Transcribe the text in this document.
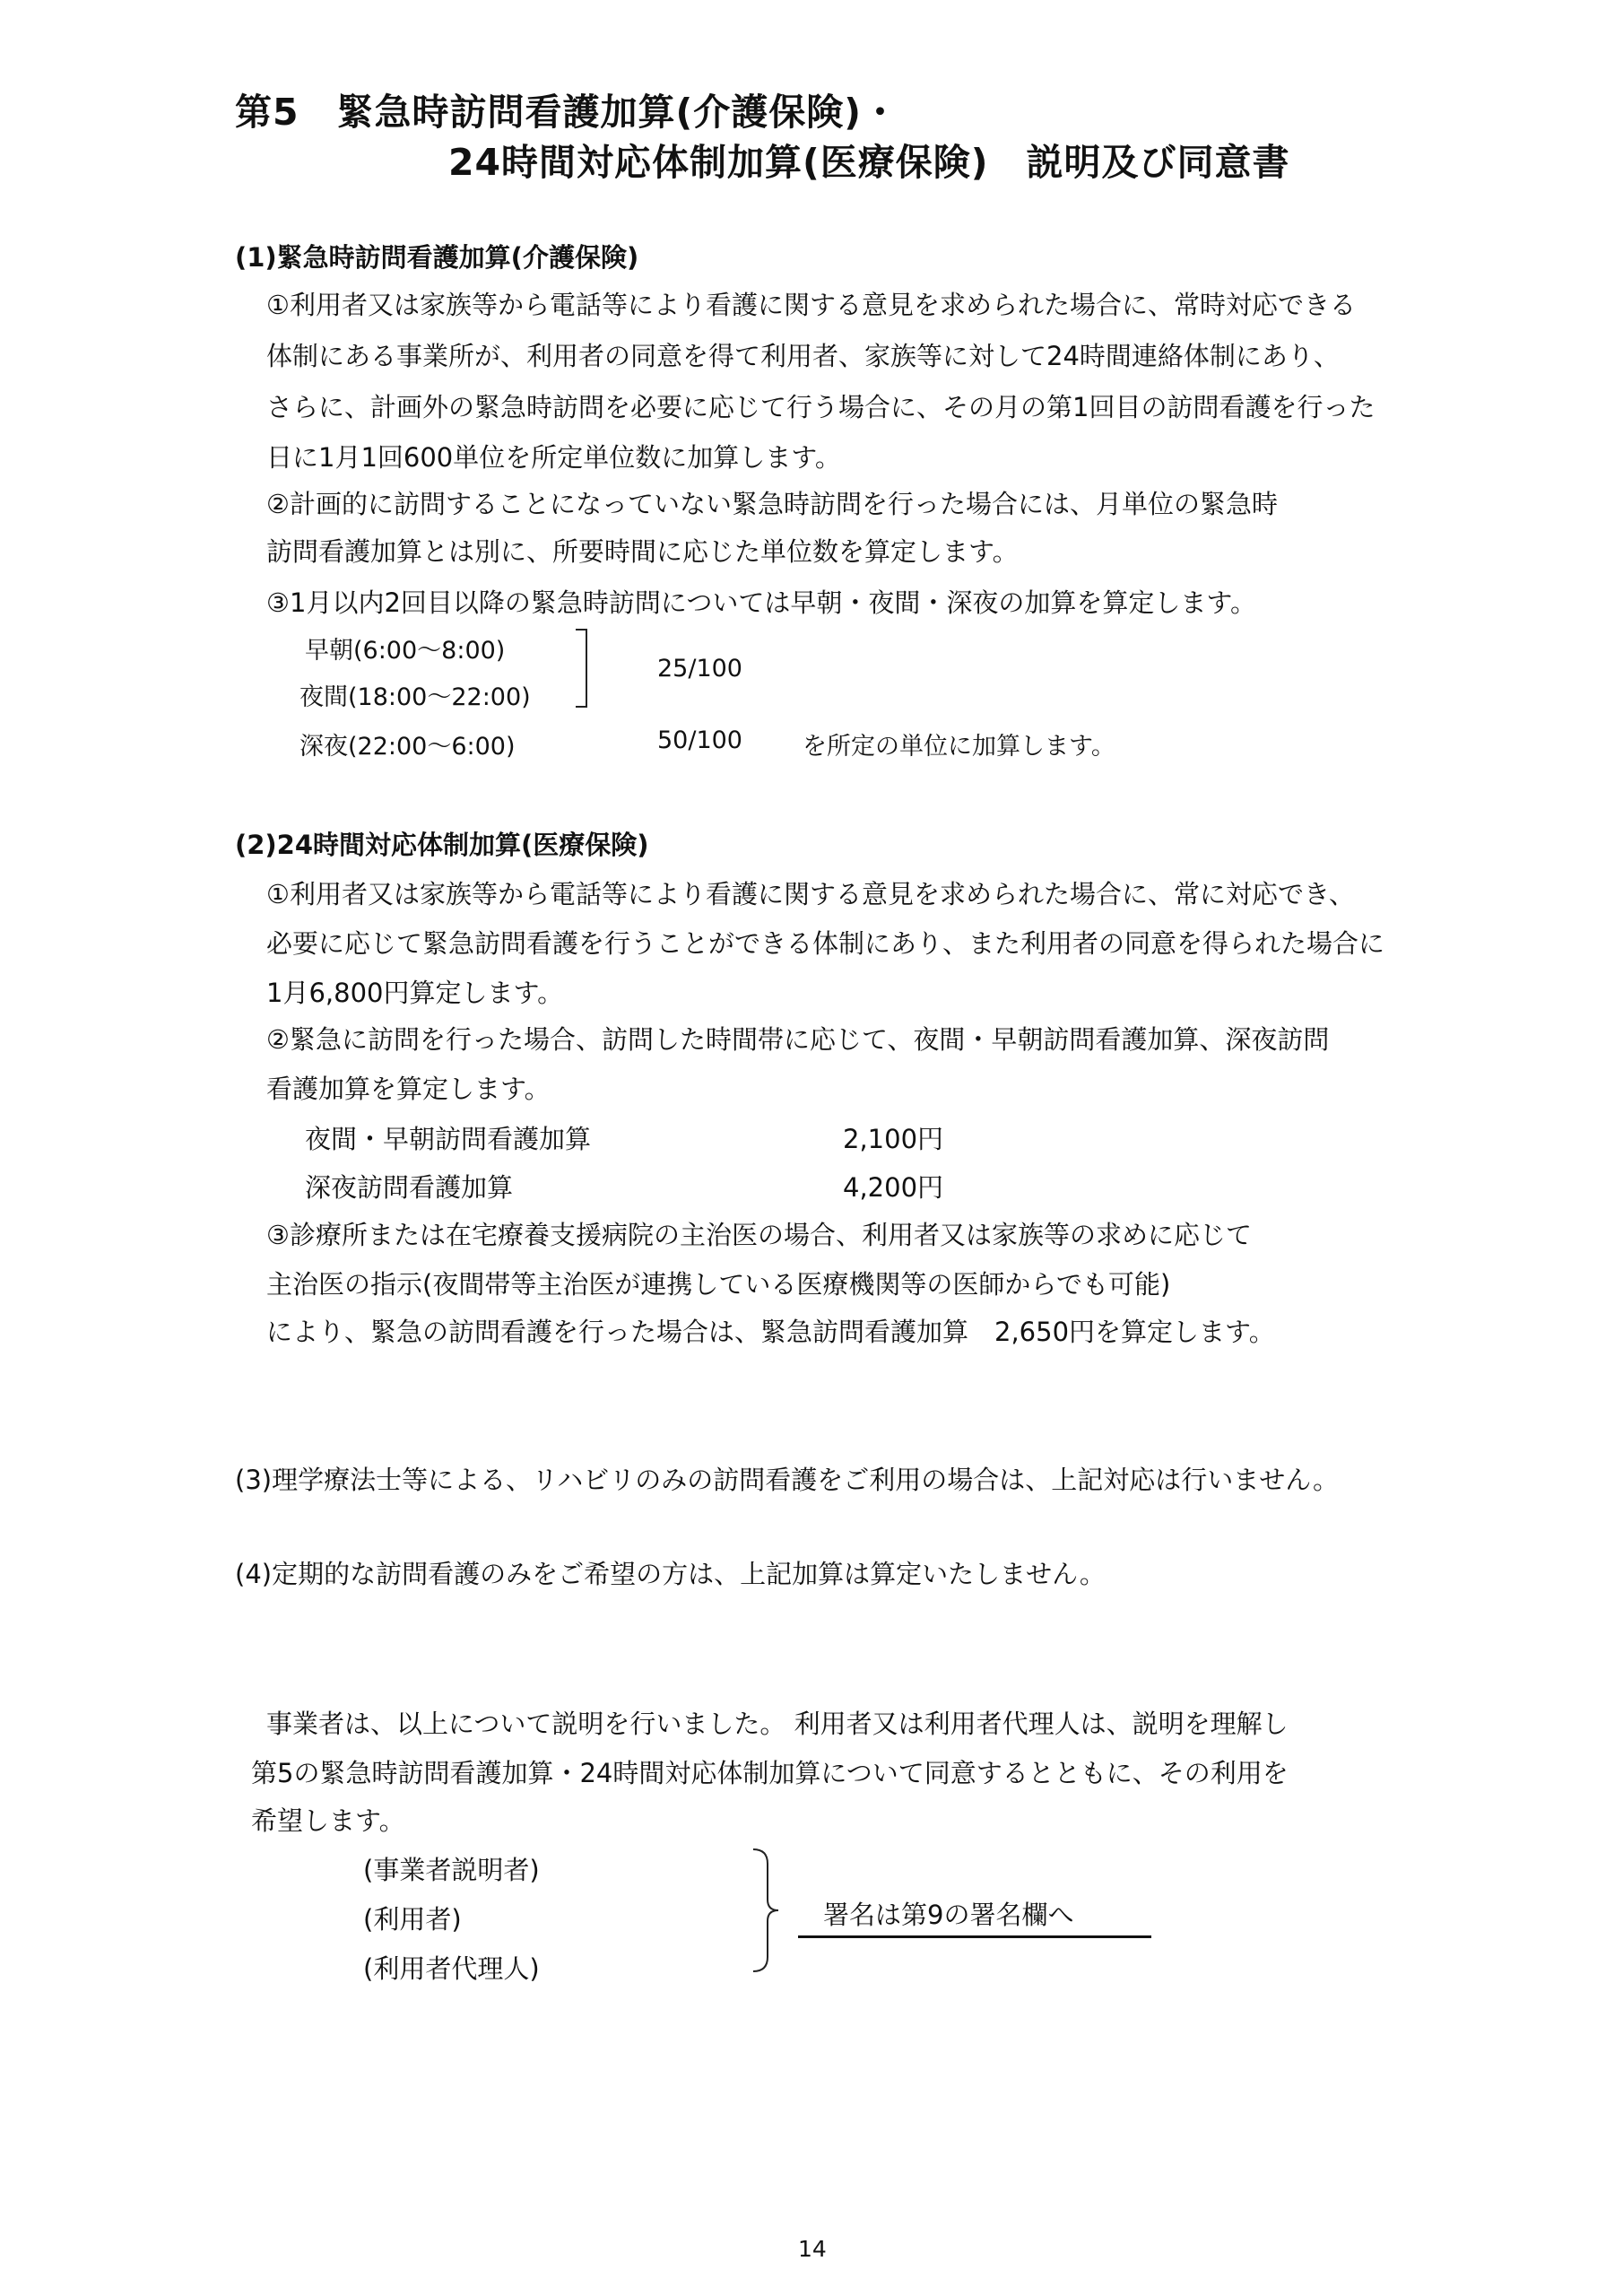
第5　緊急時訪問看護加算(介護保険)・
24時間対応体制加算(医療保険)　説明及び同意書
(1)緊急時訪問看護加算(介護保険)
①利用者又は家族等から電話等により看護に関する意見を求められた場合に、常時対応できる
体制にある事業所が、利用者の同意を得て利用者、家族等に対して24時間連絡体制にあり、
さらに、計画外の緊急時訪問を必要に応じて行う場合に、その月の第1回目の訪問看護を行った
日に1月1回600単位を所定単位数に加算します。
②計画的に訪問することになっていない緊急時訪問を行った場合には、月単位の緊急時
訪問看護加算とは別に、所要時間に応じた単位数を算定します。
③1月以内2回目以降の緊急時訪問については早朝・夜間・深夜の加算を算定します。
早朝(6:00～8:00)
夜間(18:00～22:00)
深夜(22:00～6:00)
25/100
50/100 を所定の単位に加算します。
(2)24時間対応体制加算(医療保険)
①利用者又は家族等から電話等により看護に関する意見を求められた場合に、常に対応でき、
必要に応じて緊急訪問看護を行うことができる体制にあり、また利用者の同意を得られた場合に
1月6,800円算定します。
②緊急に訪問を行った場合、訪問した時間帯に応じて、夜間・早朝訪問看護加算、深夜訪問
看護加算を算定します。
夜間・早朝訪問看護加算	2,100円
深夜訪問看護加算	4,200円
③診療所または在宅療養支援病院の主治医の場合、利用者又は家族等の求めに応じて
主治医の指示(夜間帯等主治医が連携している医療機関等の医師からでも可能)
により、緊急の訪問看護を行った場合は、緊急訪問看護加算　2,650円を算定します。
(3)理学療法士等による、リハビリのみの訪問看護をご利用の場合は、上記対応は行いません。
(4)定期的な訪問看護のみをご希望の方は、上記加算は算定いたしません。
事業者は、以上について説明を行いました。 利用者又は利用者代理人は、説明を理解し
第5の緊急時訪問看護加算・24時間対応体制加算について同意するとともに、その利用を
希望します。
(事業者説明者)
(利用者)
(利用者代理人)
署名は第9の署名欄へ
14
